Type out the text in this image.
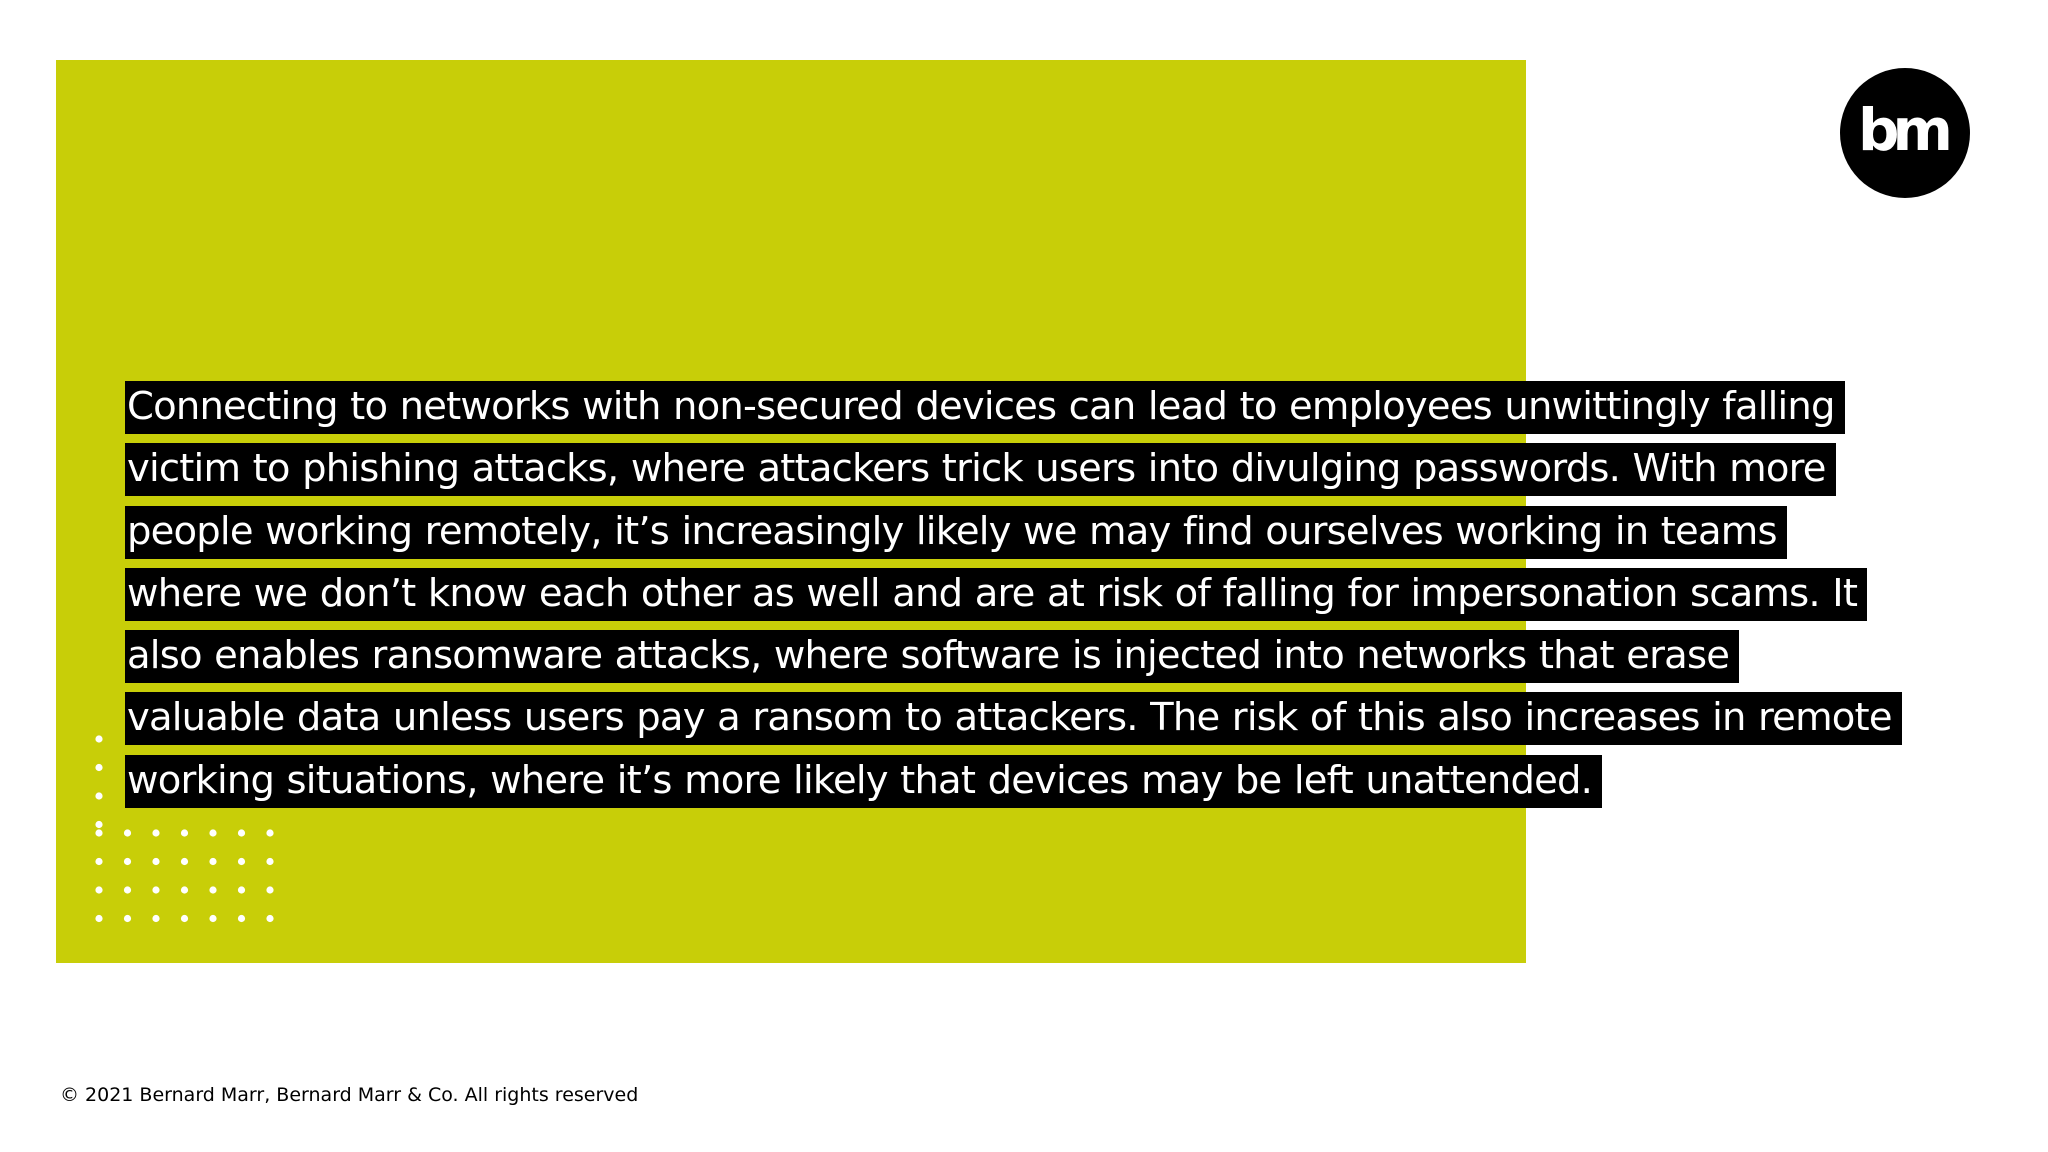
bm

Connecting to networks with non-secured devices can lead to employees unwittingly falling
victim to phishing attacks, where attackers trick users into divulging passwords. With more
people working remotely, it’s increasingly likely we may find ourselves working in teams
where we don’t know each other as well and are at risk of falling for impersonation scams. It
also enables ransomware attacks, where software is injected into networks that erase
valuable data unless users pay a ransom to attackers. The risk of this also increases in remote
working situations, where it’s more likely that devices may be left unattended.

© 2021 Bernard Marr, Bernard Marr & Co. All rights reserved
